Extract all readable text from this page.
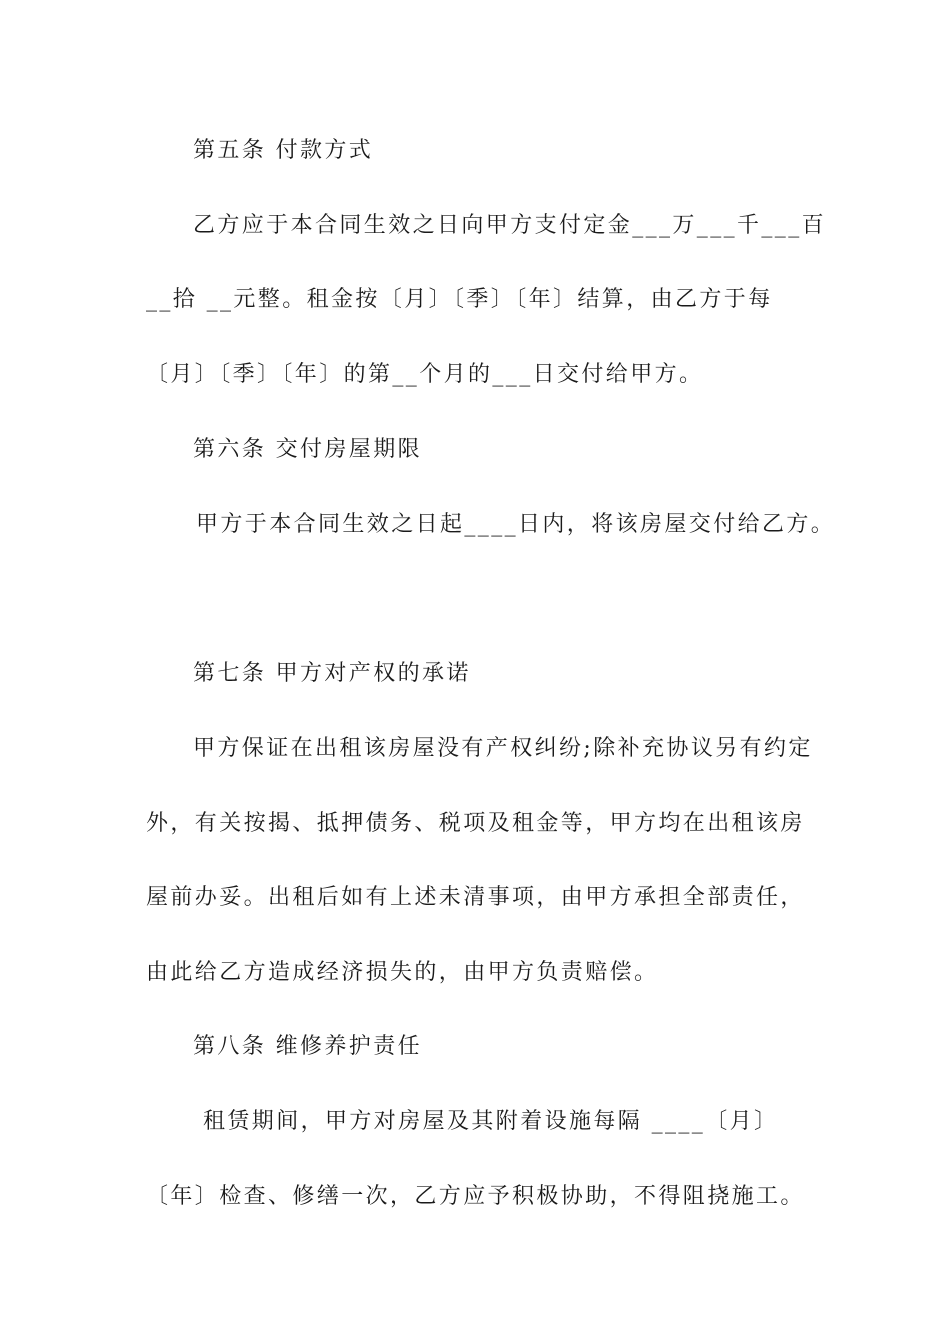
第五条 付款方式
乙方应于本合同生效之日向甲方支付定金___万___千___百
__拾 __元整。租金按〔月〕〔季〕〔年〕结算，由乙方于每
〔月〕〔季〕〔年〕的第__个月的___日交付给甲方。
第六条 交付房屋期限
甲方于本合同生效之日起____日内，将该房屋交付给乙方。
第七条 甲方对产权的承诺
甲方保证在出租该房屋没有产权纠纷;除补充协议另有约定
外，有关按揭、抵押债务、税项及租金等，甲方均在出租该房
屋前办妥。出租后如有上述未清事项，由甲方承担全部责任，
由此给乙方造成经济损失的，由甲方负责赔偿。
第八条 维修养护责任
租赁期间，甲方对房屋及其附着设施每隔 ____〔月〕
〔年〕检查、修缮一次，乙方应予积极协助，不得阻挠施工。
